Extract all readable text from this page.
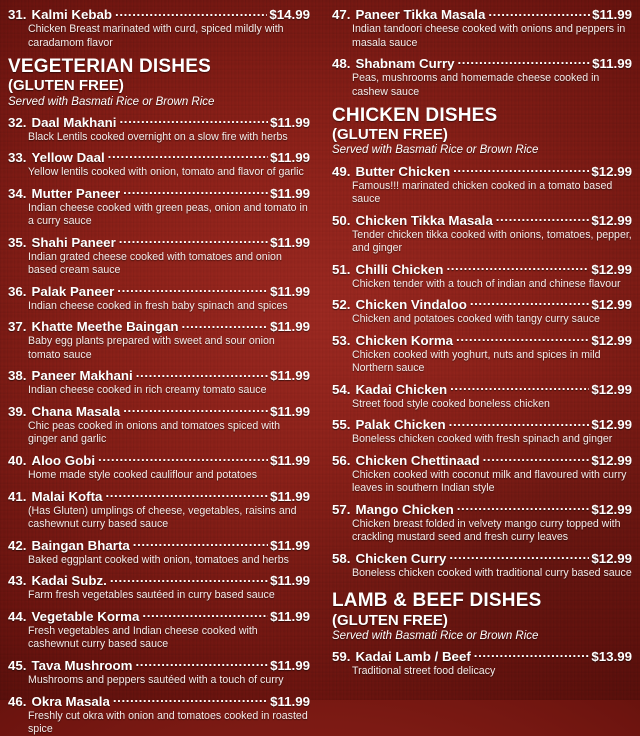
31. Kalmi Kebab .....	$14.99
Chicken Breast marinated with curd, spiced mildly with caradamom flavor
VEGETERIAN DISHES
(GLUTEN FREE)
Served with Basmati Rice or Brown Rice
32. Daal Makhani .....	$11.99
Black Lentils cooked overnight on a slow fire with herbs
33. Yellow Daal .....	$11.99
Yellow lentils cooked with onion, tomato and flavor of garlic
34. Mutter Paneer .....	$11.99
Indian cheese cooked with green peas, onion and tomato in a curry sauce
35. Shahi Paneer .....	$11.99
Indian grated cheese cooked with tomatoes and onion based cream sauce
36. Palak Paneer .....	$11.99
Indian cheese cooked in fresh baby spinach and spices
37. Khatte Meethe Baingan .....	$11.99
Baby egg plants prepared with sweet and sour onion tomato sauce
38. Paneer Makhani .....	$11.99
Indian cheese cooked in rich creamy tomato sauce
39. Chana Masala .....	$11.99
Chic peas cooked in onions and tomatoes spiced with ginger and garlic
40. Aloo Gobi .....	$11.99
Home made style cooked cauliflour and potatoes
41. Malai Kofta .....	$11.99
(Has Gluten) umplings of cheese, vegetables, raisins and cashewnut curry based sauce
42. Baingan Bharta .....	$11.99
Baked eggplant cooked with onion, tomatoes and herbs
43. Kadai Subz. .....	$11.99
Farm fresh vegetables sautéed in curry based sauce
44. Vegetable Korma .....	$11.99
Fresh vegetables and Indian cheese cooked with cashewnut curry based sauce
45. Tava Mushroom .....	$11.99
Mushrooms and peppers sautéed with a touch of curry
46. Okra Masala .....	$11.99
Freshly cut okra with onion and tomatoes cooked in roasted spice
47. Paneer Tikka Masala .....	$11.99
Indian tandoori cheese cooked with onions and peppers in masala sauce
48. Shabnam Curry .....	$11.99
Peas, mushrooms and homemade cheese cooked in cashew sauce
CHICKEN DISHES
(GLUTEN FREE)
Served with Basmati Rice or Brown Rice
49. Butter Chicken .....	$12.99
Famous!!! marinated chicken cooked in a tomato based sauce
50. Chicken Tikka Masala .....	$12.99
Tender chicken tikka cooked with onions, tomatoes, pepper, and ginger
51. Chilli Chicken .....	$12.99
Chicken tender with a touch of indian and chinese flavour
52. Chicken Vindaloo .....	$12.99
Chicken and potatoes cooked with tangy curry sauce
53. Chicken Korma .....	$12.99
Chicken cooked with yoghurt, nuts and spices in mild Northern sauce
54. Kadai Chicken .....	$12.99
Street food style cooked boneless chicken
55. Palak Chicken .....	$12.99
Boneless chicken cooked with fresh spinach and ginger
56. Chicken Chettinaad .....	$12.99
Chicken cooked with coconut milk and flavoured with curry leaves in southern Indian style
57. Mango Chicken .....	$12.99
Chicken breast folded in velvety mango curry topped with crackling mustard seed and fresh curry leaves
58. Chicken Curry .....	$12.99
Boneless chicken cooked with traditional curry based sauce
LAMB & BEEF DISHES
(GLUTEN FREE)
Served with Basmati Rice or Brown Rice
59. Kadai Lamb / Beef .....	$13.99
Traditional street food delicacy
